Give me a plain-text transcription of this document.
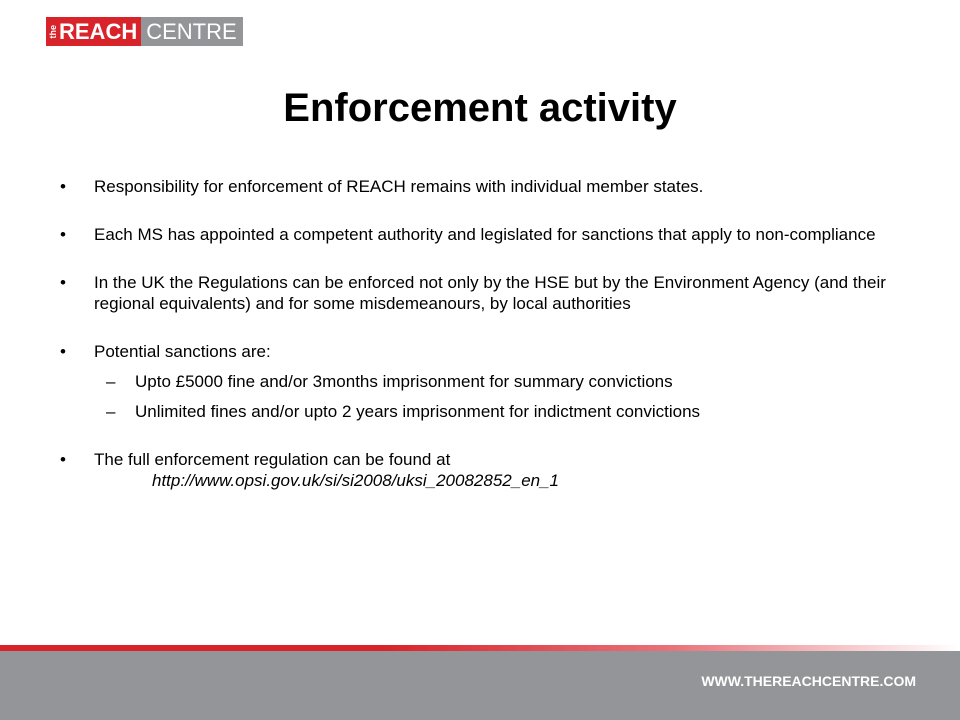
the REACH CENTRE
Enforcement activity
• Responsibility for enforcement of REACH remains with individual member states.
• Each MS has appointed a competent authority and legislated for sanctions that apply to non-compliance
• In the UK the Regulations can be enforced not only by the HSE but by the Environment Agency (and their regional equivalents) and for some misdemeanours, by local authorities
• Potential sanctions are:
– Upto £5000 fine and/or 3months imprisonment for summary convictions
– Unlimited fines and/or upto 2 years imprisonment for indictment convictions
• The full enforcement regulation can be found at
http://www.opsi.gov.uk/si/si2008/uksi_20082852_en_1
WWW.THEREACHCENTRE.COM
